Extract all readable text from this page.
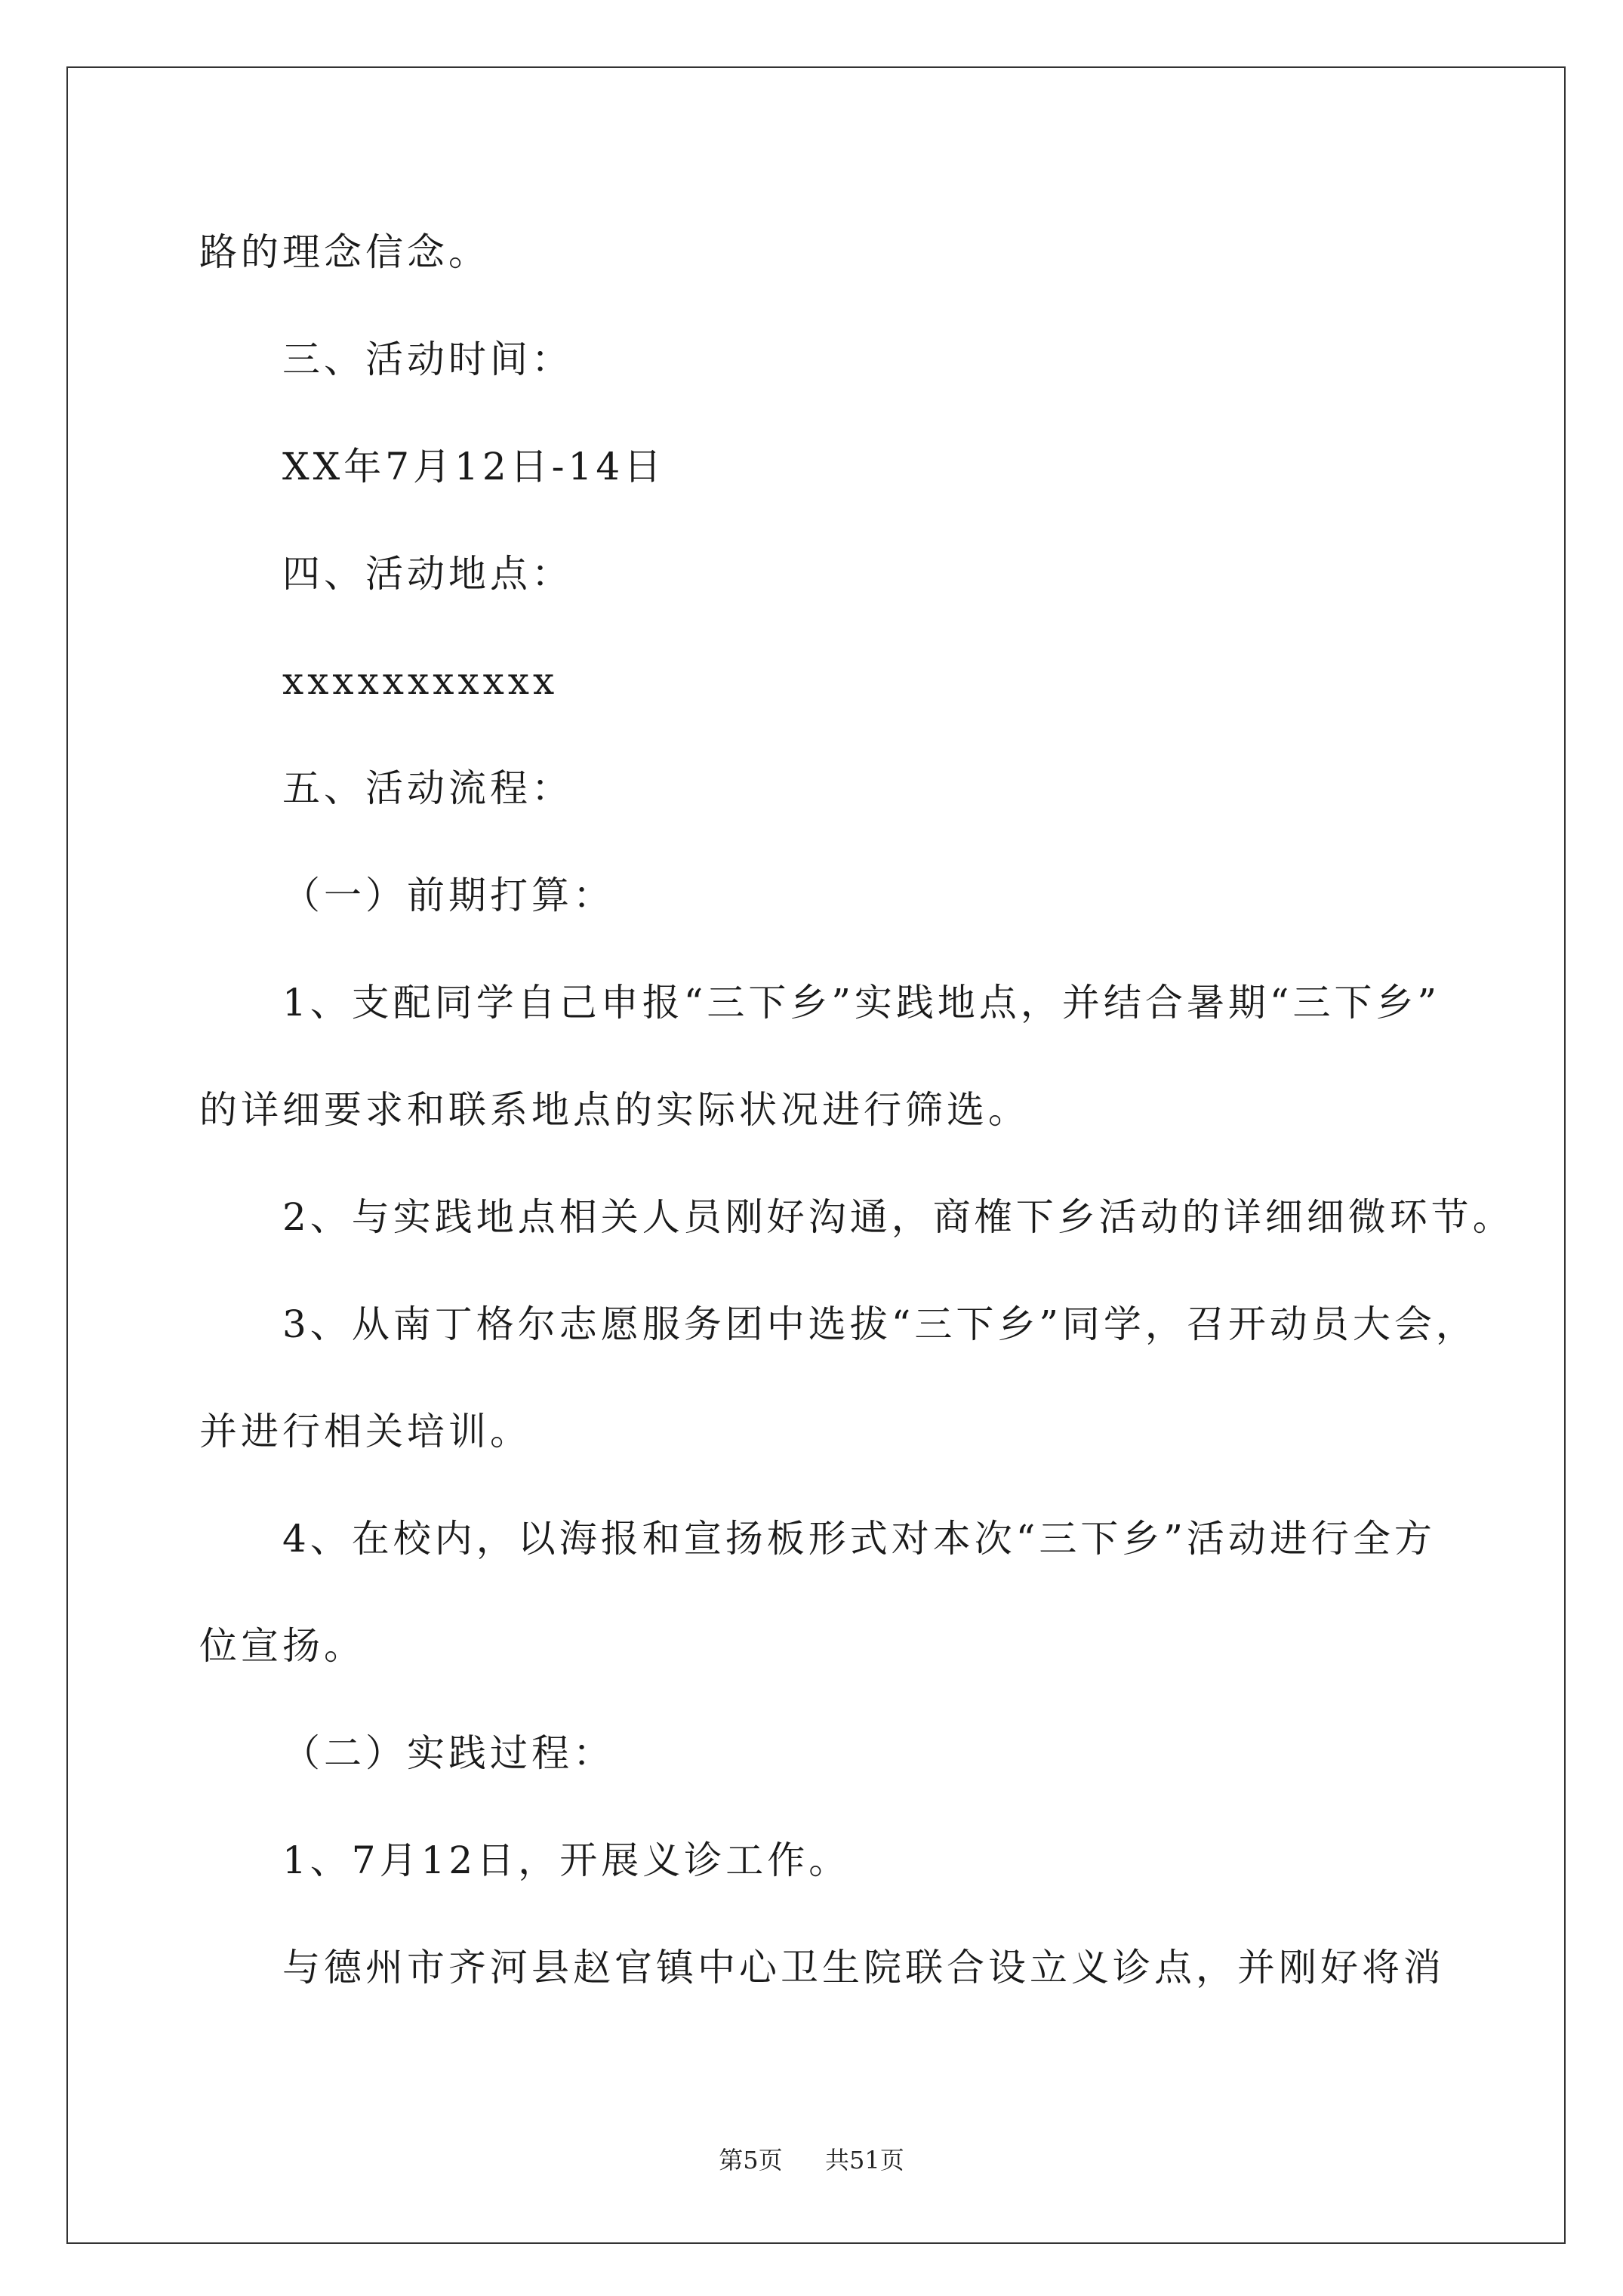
路的理念信念。
三、活动时间：
XX年7月12日-14日
四、活动地点：
xxxxxxxxxxx
五、活动流程：
（一）前期打算：
1、支配同学自己申报“三下乡”实践地点，并结合暑期“三下乡”
的详细要求和联系地点的实际状况进行筛选。
2、与实践地点相关人员刚好沟通，商榷下乡活动的详细细微环节。
3、从南丁格尔志愿服务团中选拔“三下乡”同学，召开动员大会，
并进行相关培训。
4、在校内，以海报和宣扬板形式对本次“三下乡”活动进行全方
位宣扬。
（二）实践过程：
1、7月12日，开展义诊工作。
与德州市齐河县赵官镇中心卫生院联合设立义诊点，并刚好将消
第5页 共51页
